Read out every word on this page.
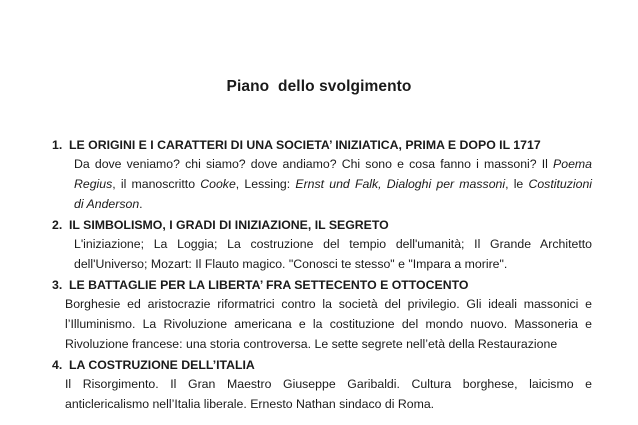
Piano  dello svolgimento
1. LE ORIGINI E I CARATTERI DI UNA SOCIETA’ INIZIATICA, PRIMA E DOPO IL 1717
Da dove veniamo? chi siamo? dove andiamo? Chi sono e cosa fanno i massoni? Il Poema
Regius, il manoscritto Cooke, Lessing: Ernst und Falk, Dialoghi per massoni, le Costituzioni
di Anderson.
2. IL SIMBOLISMO, I GRADI DI INIZIAZIONE, IL SEGRETO
L'iniziazione; La Loggia; La costruzione del tempio dell'umanità; Il Grande Architetto
dell'Universo; Mozart: Il Flauto magico. "Conosci te stesso" e "Impara a morire".
3. LE BATTAGLIE PER LA LIBERTA’ FRA SETTECENTO E OTTOCENTO
Borghesie ed aristocrazie riformatrici contro la società del privilegio. Gli ideali massonici e
l’Illuminismo. La Rivoluzione americana e la costituzione del mondo nuovo. Massoneria e
Rivoluzione francese: una storia controversa. Le sette segrete nell’età della Restaurazione
4. LA COSTRUZIONE DELL’ITALIA
Il Risorgimento. Il Gran Maestro Giuseppe Garibaldi. Cultura borghese, laicismo e
anticlericalismo nell’Italia liberale. Ernesto Nathan sindaco di Roma.
